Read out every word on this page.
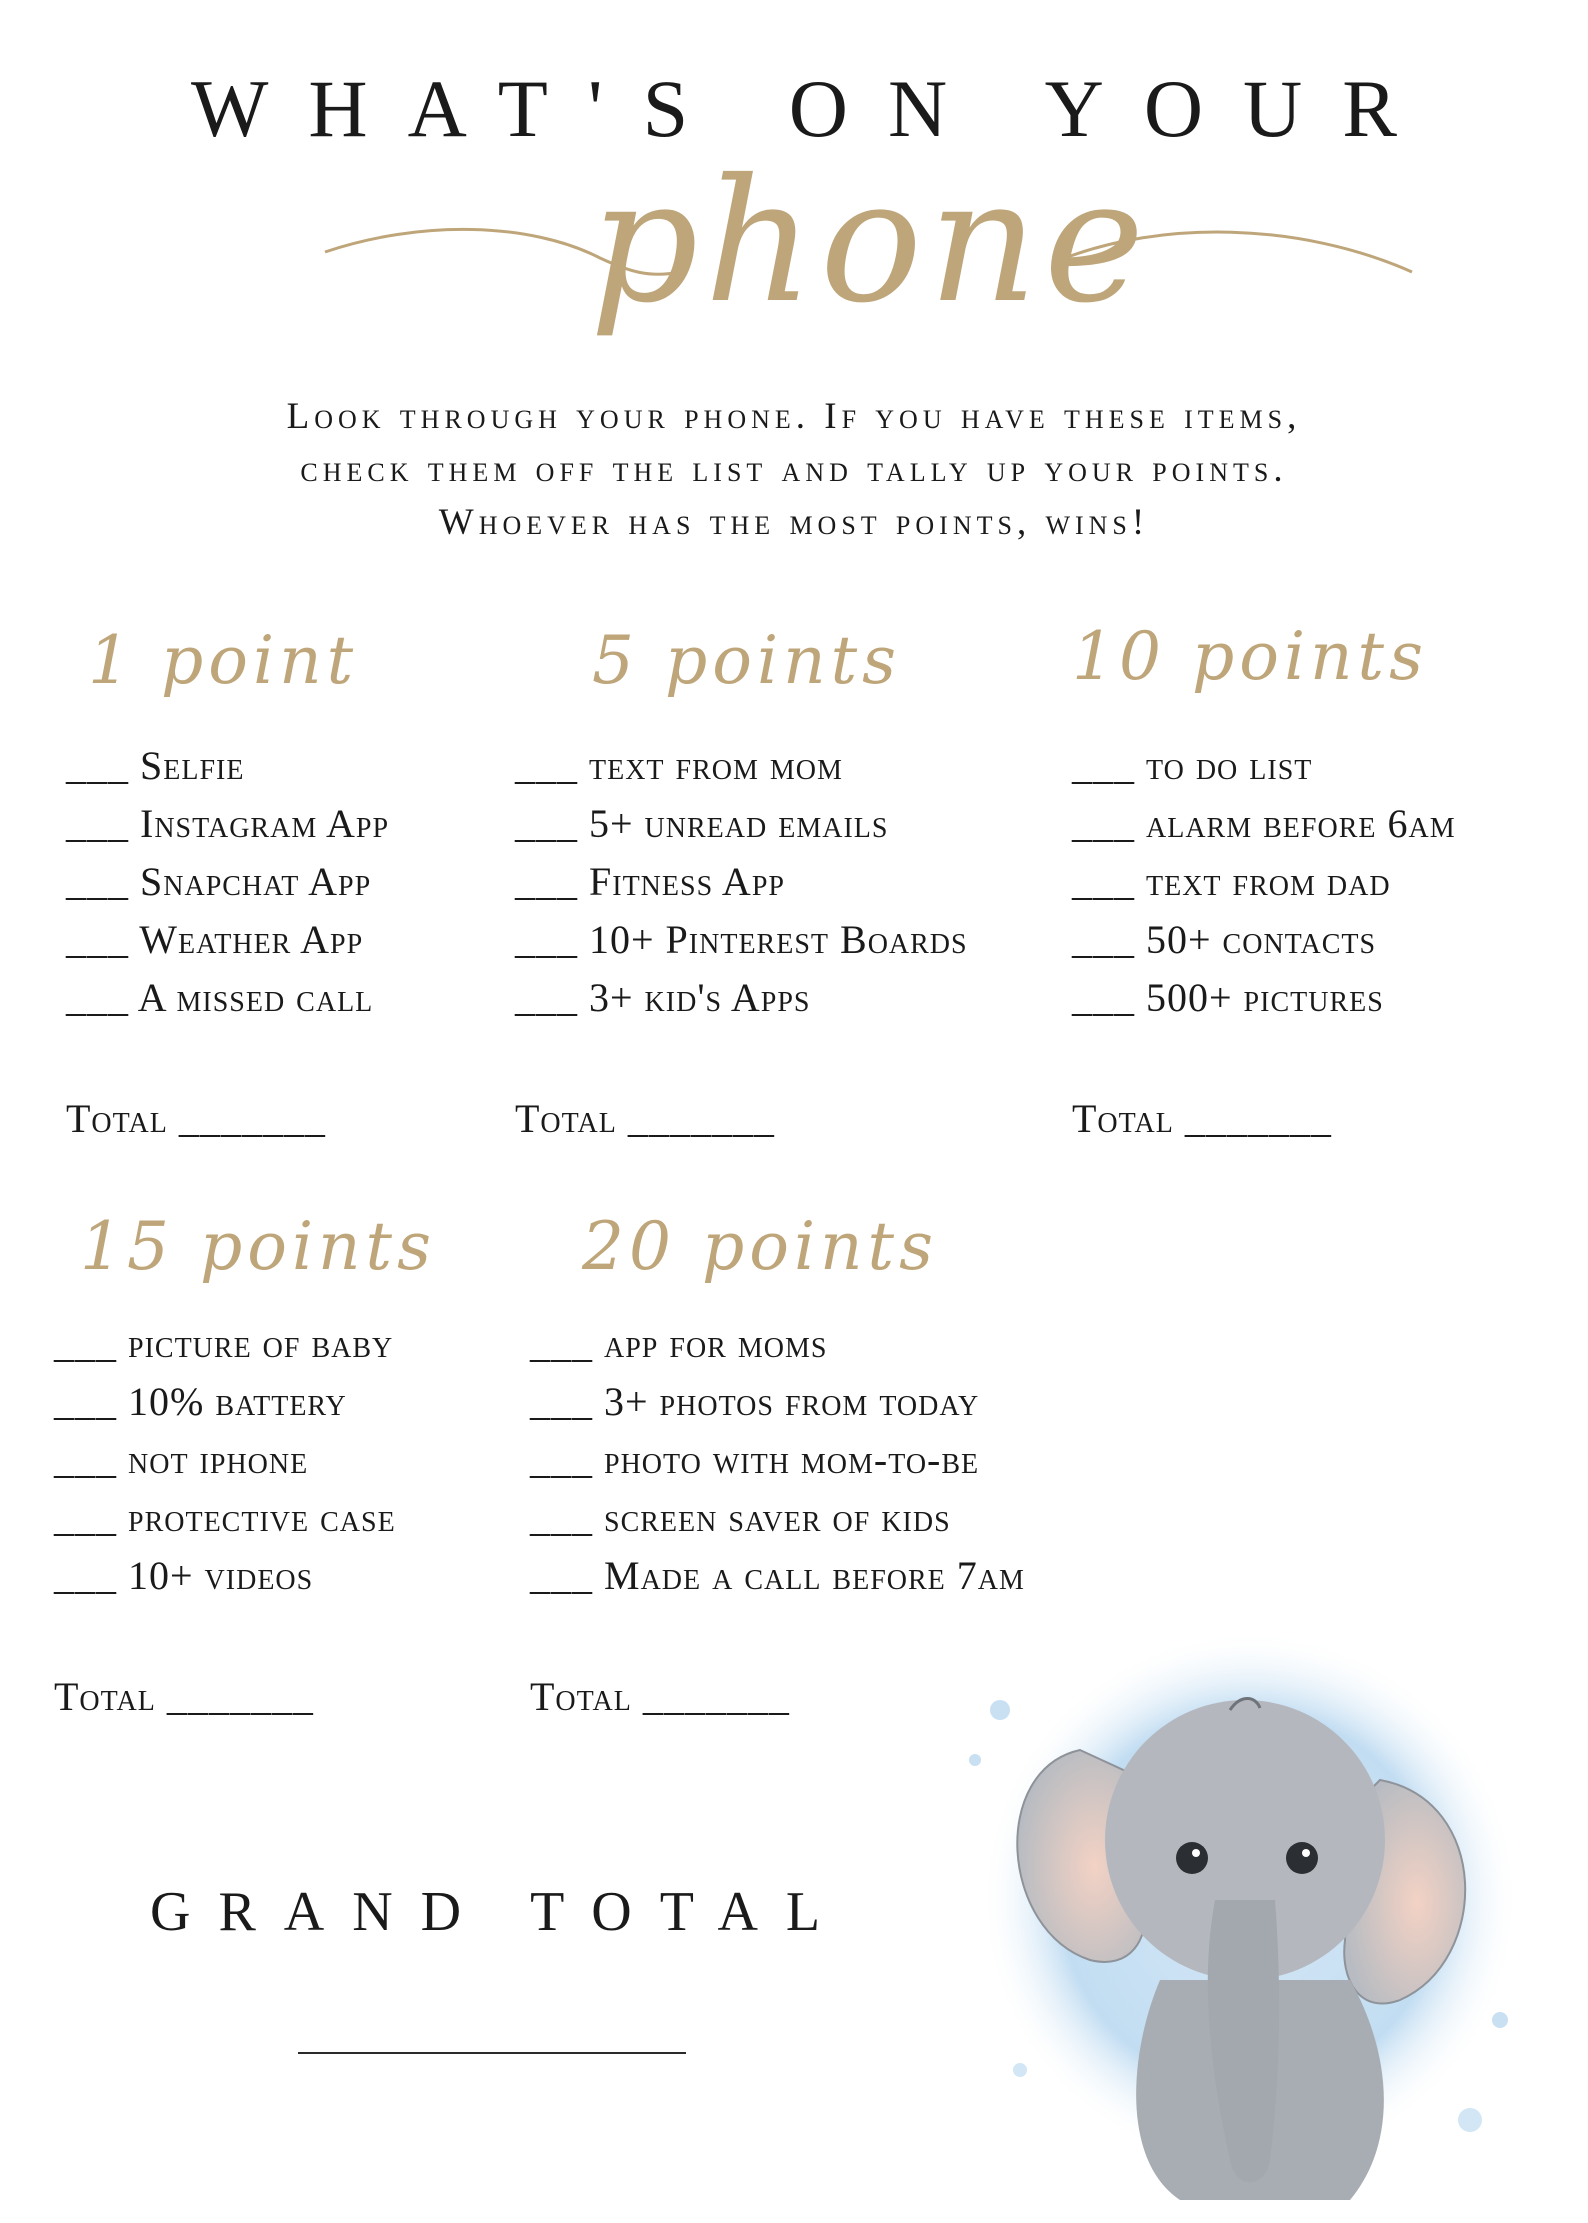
WHAT'S ON YOUR
phone
Look through your phone. If you have these items,
check them off the list and tally up your points.
Whoever has the most points, wins!
1 point
___ Selfie
___ Instagram App
___ Snapchat App
___ Weather App
___ A missed call
Total _______
5 points
___ text from mom
___ 5+ unread emails
___ Fitness App
___ 10+ Pinterest Boards
___ 3+ kid's Apps
Total _______
10 points
___ to do list
___ alarm before 6am
___ text from dad
___ 50+ contacts
___ 500+ pictures
Total _______
15 points
___ picture of baby
___ 10% battery
___ not iphone
___ protective case
___ 10+ videos
Total _______
20 points
___ app for moms
___ 3+ photos from today
___ photo with mom-to-be
___ screen saver of kids
___ Made a call before 7am
Total _______
GRAND TOTAL
